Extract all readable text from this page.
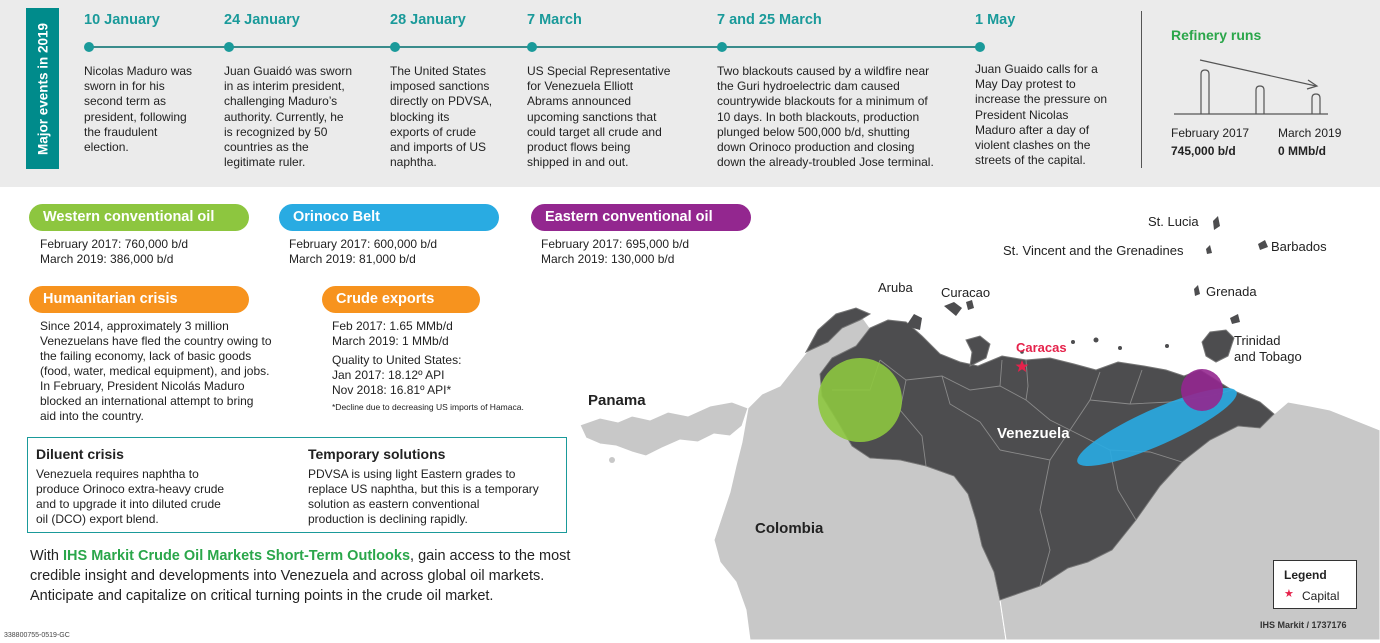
Major events in 2019
10 January
Nicolas Maduro was
sworn in for his
second term as
president, following
the fraudulent
election.
24 January
Juan Guaidó was sworn
in as interim president,
challenging Maduro’s
authority. Currently, he
is recognized by 50
countries as the
legitimate ruler.
28 January
The United States
imposed sanctions
directly on PDVSA,
blocking its
exports of crude
and imports of US
naphtha.
7 March
US Special Representative
for Venezuela Elliott
Abrams announced
upcoming sanctions that
could target all crude and
product flows being
shipped in and out.
7 and 25 March
Two blackouts caused by a wildfire near
the Guri hydroelectric dam caused
countrywide blackouts for a minimum of
10 days. In both blackouts, production
plunged below 500,000 b/d, shutting
down Orinoco production and closing
down the already-troubled Jose terminal.
1 May
Juan Guaido calls for a
May Day protest to
increase the pressure on
President Nicolas
Maduro after a day of
violent clashes on the
streets of the capital.
Refinery runs
February 2017
745,000 b/d
March 2019
0 MMb/d
Western conventional oil
February 2017: 760,000 b/d
March 2019: 386,000 b/d
Orinoco Belt
February 2017: 600,000 b/d
March 2019: 81,000 b/d
Eastern conventional oil
February 2017: 695,000 b/d
March 2019: 130,000 b/d
Humanitarian crisis
Since 2014, approximately 3 million
Venezuelans have fled the country owing to
the failing economy, lack of basic goods
(food, water, medical equipment), and jobs.
In February, President Nicolás Maduro
blocked an international attempt to bring
aid into the country.
Crude exports
Feb 2017: 1.65 MMb/d
March 2019: 1 MMb/d
Quality to United States:
Jan 2017: 18.12º API
Nov 2018: 16.81º API*
*Decline due to decreasing US imports of Hamaca.
Diluent crisis
Venezuela requires naphtha to
produce Orinoco extra-heavy crude
and to upgrade it into diluted crude
oil (DCO) export blend.
Temporary solutions
PDVSA is using light Eastern grades to
replace US naphtha, but this is a temporary
solution as eastern conventional
production is declining rapidly.
With IHS Markit Crude Oil Markets Short-Term Outlooks, gain access to the most credible insight and developments into Venezuela and across global oil markets. Anticipate and capitalize on critical turning points in the crude oil market.
338800755-0519-GC
St. Lucia
St. Vincent and the Grenadines	Barbados
Grenada
Trinidad
and Tobago
Aruba Curacao
Caracas
Panama
Venezuela
Colombia
Legend
★ Capital
IHS Markit / 1737176
